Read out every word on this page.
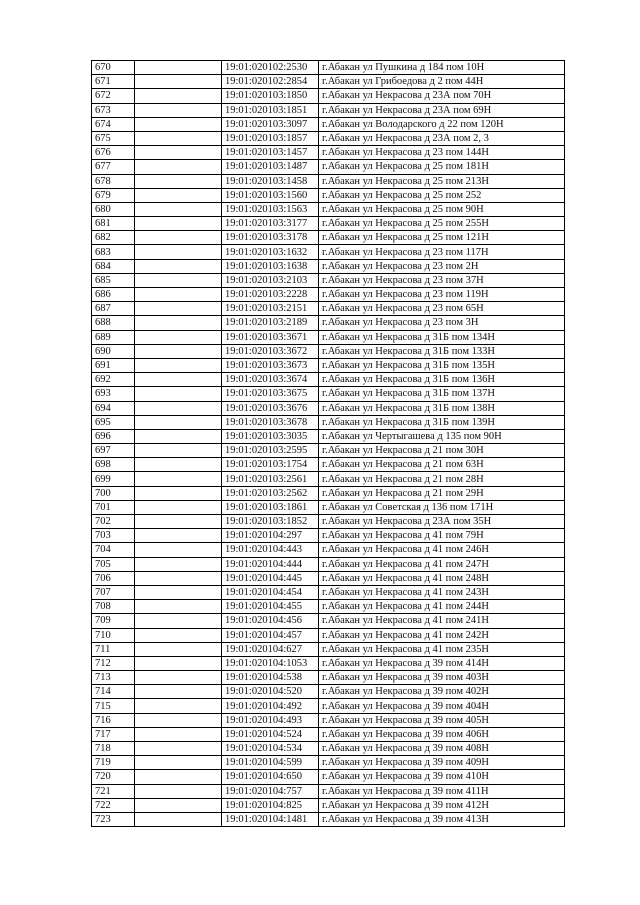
670		19:01:020102:2530	г.Абакан ул Пушкина д 184 пом 10Н
671		19:01:020102:2854	г.Абакан ул Грибоедова д 2 пом 44Н
672		19:01:020103:1850	г.Абакан ул Некрасова д 23А пом 70Н
673		19:01:020103:1851	г.Абакан ул Некрасова д 23А пом 69Н
674		19:01:020103:3097	г.Абакан ул Володарского д 22 пом 120Н
675		19:01:020103:1857	г.Абакан ул Некрасова д 23А пом 2, 3
676		19:01:020103:1457	г.Абакан ул Некрасова д 23 пом 144Н
677		19:01:020103:1487	г.Абакан ул Некрасова д 25 пом 181Н
678		19:01:020103:1458	г.Абакан ул Некрасова д 25 пом 213Н
679		19:01:020103:1560	г.Абакан ул Некрасова д 25 пом 252
680		19:01:020103:1563	г.Абакан ул Некрасова д 25 пом 90Н
681		19:01:020103:3177	г.Абакан ул Некрасова д 25 пом 255Н
682		19:01:020103:3178	г.Абакан ул Некрасова д 25 пом 121Н
683		19:01:020103:1632	г.Абакан ул Некрасова д 23 пом 117Н
684		19:01:020103:1638	г.Абакан ул Некрасова д 23 пом 2Н
685		19:01:020103:2103	г.Абакан ул Некрасова д 23 пом 37Н
686		19:01:020103:2228	г.Абакан ул Некрасова д 23 пом 119Н
687		19:01:020103:2151	г.Абакан ул Некрасова д 23 пом 65Н
688		19:01:020103:2189	г.Абакан ул Некрасова д 23 пом 3Н
689		19:01:020103:3671	г.Абакан ул Некрасова д 31Б пом 134Н
690		19:01:020103:3672	г.Абакан ул Некрасова д 31Б пом 133Н
691		19:01:020103:3673	г.Абакан ул Некрасова д 31Б пом 135Н
692		19:01:020103:3674	г.Абакан ул Некрасова д 31Б пом 136Н
693		19:01:020103:3675	г.Абакан ул Некрасова д 31Б пом 137Н
694		19:01:020103:3676	г.Абакан ул Некрасова д 31Б пом 138Н
695		19:01:020103:3678	г.Абакан ул Некрасова д 31Б пом 139Н
696		19:01:020103:3035	г.Абакан ул Чертыгашева д 135 пом 90Н
697		19:01:020103:2595	г.Абакан ул Некрасова д 21 пом 30Н
698		19:01:020103:1754	г.Абакан ул Некрасова д 21 пом 63Н
699		19:01:020103:2561	г.Абакан ул Некрасова д 21 пом 28Н
700		19:01:020103:2562	г.Абакан ул Некрасова д 21 пом 29Н
701		19:01:020103:1861	г.Абакан ул Советская д 136 пом 171Н
702		19:01:020103:1852	г.Абакан ул Некрасова д 23А пом 35Н
703		19:01:020104:297	г.Абакан ул Некрасова д 41 пом 79Н
704		19:01:020104:443	г.Абакан ул Некрасова д 41 пом 246Н
705		19:01:020104:444	г.Абакан ул Некрасова д 41 пом 247Н
706		19:01:020104:445	г.Абакан ул Некрасова д 41 пом 248Н
707		19:01:020104:454	г.Абакан ул Некрасова д 41 пом 243Н
708		19:01:020104:455	г.Абакан ул Некрасова д 41 пом 244Н
709		19:01:020104:456	г.Абакан ул Некрасова д 41 пом 241Н
710		19:01:020104:457	г.Абакан ул Некрасова д 41 пом 242Н
711		19:01:020104:627	г.Абакан ул Некрасова д 41 пом 235Н
712		19:01:020104:1053	г.Абакан ул Некрасова д 39 пом 414Н
713		19:01:020104:538	г.Абакан ул Некрасова д 39 пом 403Н
714		19:01:020104:520	г.Абакан ул Некрасова д 39 пом 402Н
715		19:01:020104:492	г.Абакан ул Некрасова д 39 пом 404Н
716		19:01:020104:493	г.Абакан ул Некрасова д 39 пом 405Н
717		19:01:020104:524	г.Абакан ул Некрасова д 39 пом 406Н
718		19:01:020104:534	г.Абакан ул Некрасова д 39 пом 408Н
719		19:01:020104:599	г.Абакан ул Некрасова д 39 пом 409Н
720		19:01:020104:650	г.Абакан ул Некрасова д 39 пом 410Н
721		19:01:020104:757	г.Абакан ул Некрасова д 39 пом 411Н
722		19:01:020104:825	г.Абакан ул Некрасова д 39 пом 412Н
723		19:01:020104:1481	г.Абакан ул Некрасова д 39 пом 413Н
